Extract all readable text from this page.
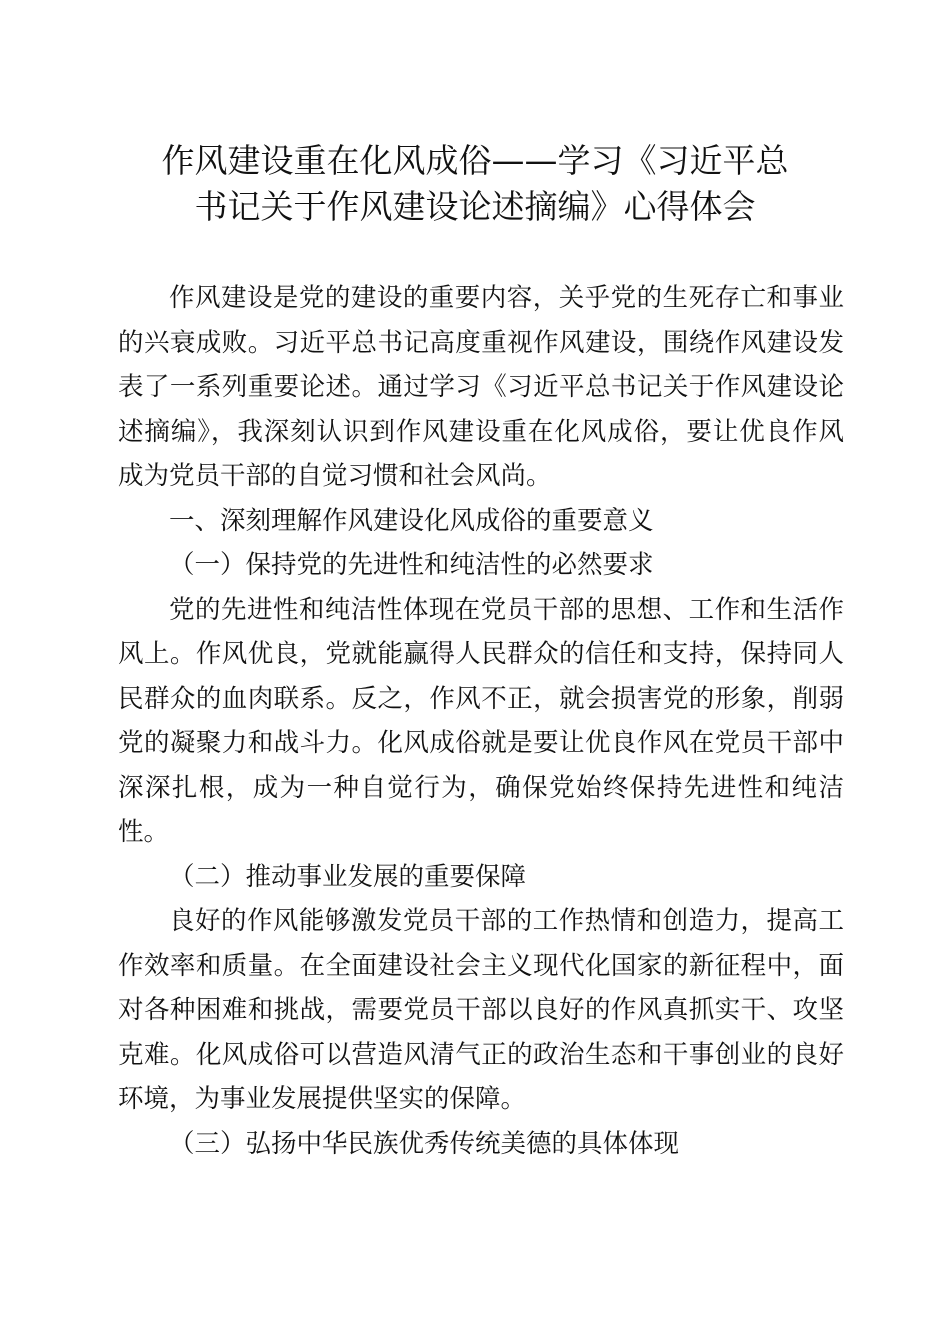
作风建设重在化风成俗——学习《习近平总
书记关于作风建设论述摘编》心得体会

作风建设是党的建设的重要内容，关乎党的生死存亡和事业的兴衰成败。习近平总书记高度重视作风建设，围绕作风建设发表了一系列重要论述。通过学习《习近平总书记关于作风建设论述摘编》，我深刻认识到作风建设重在化风成俗，要让优良作风成为党员干部的自觉习惯和社会风尚。

一、深刻理解作风建设化风成俗的重要意义

（一）保持党的先进性和纯洁性的必然要求

党的先进性和纯洁性体现在党员干部的思想、工作和生活作风上。作风优良，党就能赢得人民群众的信任和支持，保持同人民群众的血肉联系。反之，作风不正，就会损害党的形象，削弱党的凝聚力和战斗力。化风成俗就是要让优良作风在党员干部中深深扎根，成为一种自觉行为，确保党始终保持先进性和纯洁性。

（二）推动事业发展的重要保障

良好的作风能够激发党员干部的工作热情和创造力，提高工作效率和质量。在全面建设社会主义现代化国家的新征程中，面对各种困难和挑战，需要党员干部以良好的作风真抓实干、攻坚克难。化风成俗可以营造风清气正的政治生态和干事创业的良好环境，为事业发展提供坚实的保障。

（三）弘扬中华民族优秀传统美德的具体体现
